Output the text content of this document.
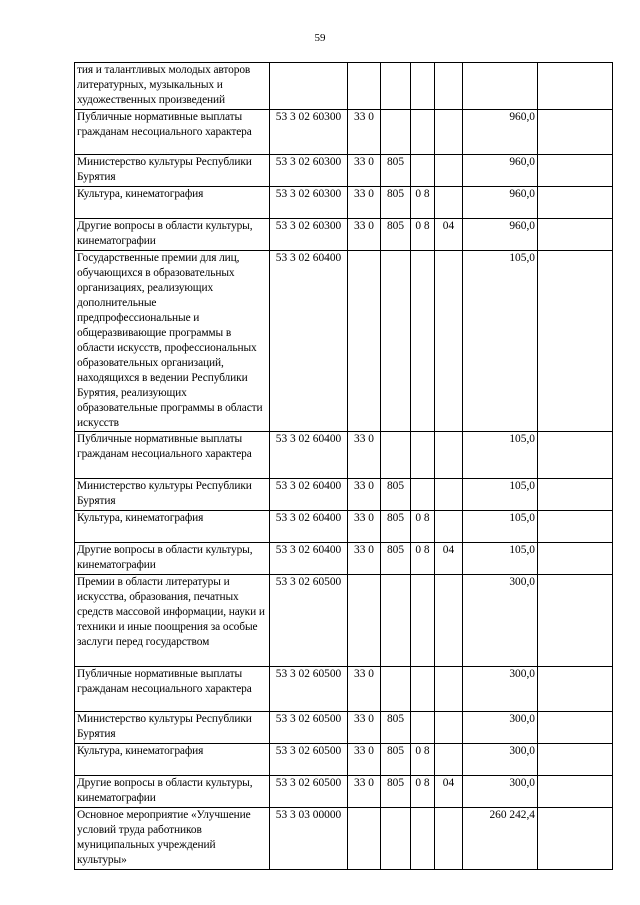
59
тия и талантливых молодых авторов литературных, музыкальных и художественных произведений							
Публичные нормативные выплаты гражданам несоциального характера	53 3 02 60300	33 0				960,0	
Министерство культуры Республики Бурятия	53 3 02 60300	33 0	805			960,0	
Культура, кинематография	53 3 02 60300	33 0	805	0 8		960,0	
Другие вопросы в области культуры, кинематографии	53 3 02 60300	33 0	805	0 8	04	960,0	
Государственные премии для лиц, обучающихся в образовательных организациях, реализующих дополнительные предпрофессиональные и общеразвивающие программы в области искусств, профессиональных образовательных организаций, находящихся в ведении Республики Бурятия, реализующих образовательные программы в области искусств	53 3 02 60400					105,0	
Публичные нормативные выплаты гражданам несоциального характера	53 3 02 60400	33 0				105,0	
Министерство культуры Республики Бурятия	53 3 02 60400	33 0	805			105,0	
Культура, кинематография	53 3 02 60400	33 0	805	0 8		105,0	
Другие вопросы в области культуры, кинематографии	53 3 02 60400	33 0	805	0 8	04	105,0	
Премии в области литературы и искусства, образования, печатных средств массовой информации, науки и техники и иные поощрения за особые заслуги перед государством	53 3 02 60500					300,0	
Публичные нормативные выплаты гражданам несоциального характера	53 3 02 60500	33 0				300,0	
Министерство культуры Республики Бурятия	53 3 02 60500	33 0	805			300,0	
Культура, кинематография	53 3 02 60500	33 0	805	0 8		300,0	
Другие вопросы в области культуры, кинематографии	53 3 02 60500	33 0	805	0 8	04	300,0	
Основное мероприятие «Улучшение условий труда работников муниципальных учреждений культуры»	53 3 03 00000					260 242,4	
